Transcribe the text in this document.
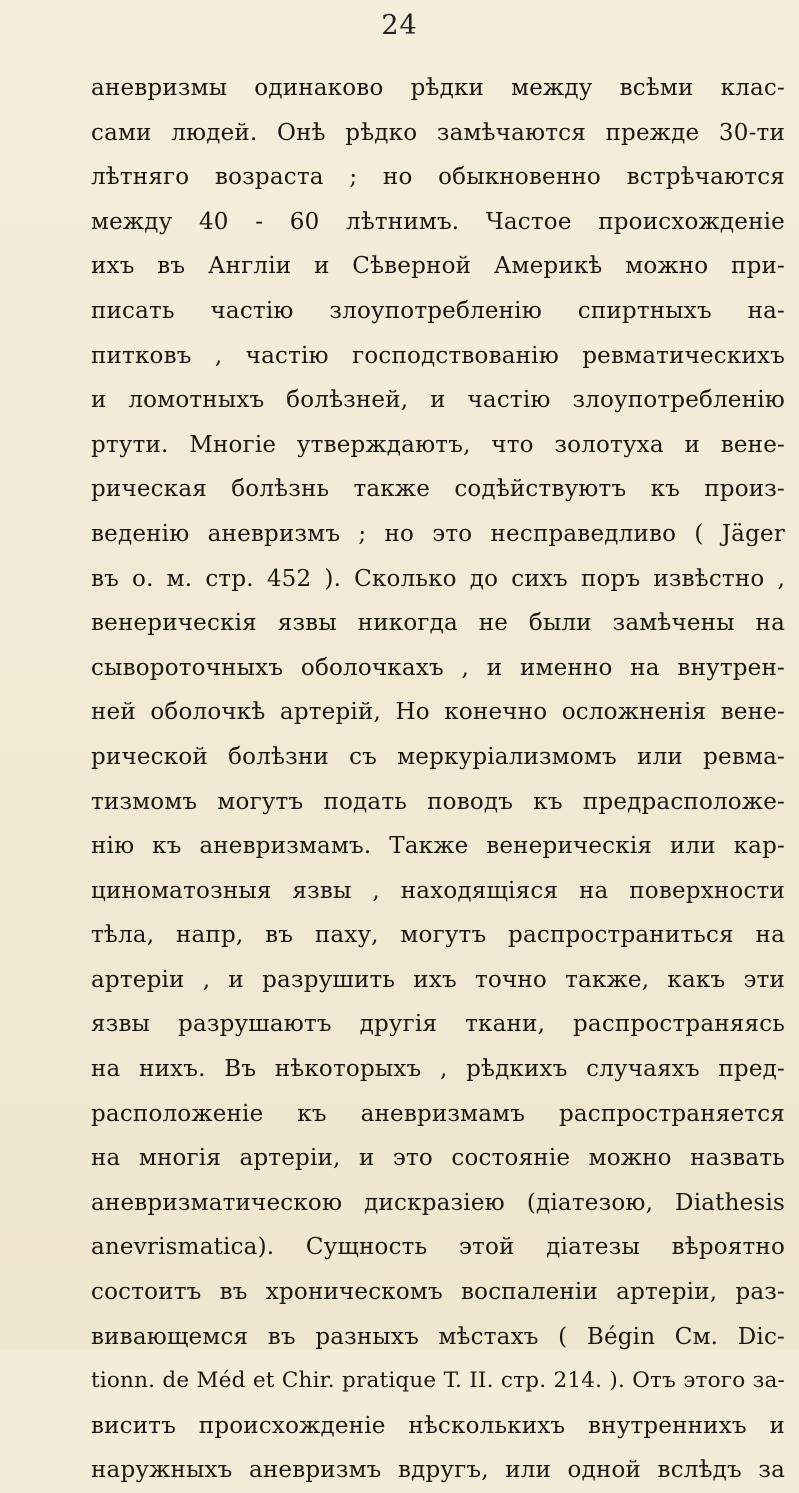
24
аневризмы одинаково рѣдки между всѣми клас-
сами людей. Онѣ рѣдко замѣчаются прежде 30-ти
лѣтняго возраста ; но обыкновенно встрѣчаются
между 40 - 60 лѣтнимъ. Частое происхожденіе
ихъ въ Англіи и Сѣверной Америкѣ можно при-
писать частію злоупотребленію спиртныхъ на-
питковъ , частію господствованію ревматическихъ
и ломотныхъ болѣзней, и частію злоупотребленію
ртути. Многіе утверждаютъ, что золотуха и вене-
рическая болѣзнь также содѣйствуютъ къ произ-
веденію аневризмъ ; но это несправедливо ( Jäger
въ о. м. стр. 452 ). Сколько до сихъ поръ извѣстно ,
венерическія язвы никогда не были замѣчены на
сывороточныхъ оболочкахъ , и именно на внутрен-
ней оболочкѣ артерій, Но конечно осложненія вене-
рической болѣзни съ меркуріализмомъ или ревма-
тизмомъ могутъ подать поводъ къ предрасположе-
нію къ аневризмамъ. Также венерическія или кар-
циноматозныя язвы , находящіяся на поверхности
тѣла, напр, въ паху, могутъ распространиться на
артеріи , и разрушить ихъ точно также, какъ эти
язвы разрушаютъ другія ткани, распространяясь
на нихъ. Въ нѣкоторыхъ , рѣдкихъ случаяхъ пред-
расположеніе къ аневризмамъ распространяется
на многія артеріи, и это состояніе можно назвать
аневризматическою дискразіею (діатезою, Diathesis
anevrismatica). Сущность этой діатезы вѣроятно
состоитъ въ хроническомъ воспаленіи артеріи, раз-
вивающемся въ разныхъ мѣстахъ ( Bégin См. Dic-
tionn. de Méd et Chir. pratique T. II. стр. 214. ). Отъ этого за-
виситъ происхожденіе нѣсколькихъ внутреннихъ и
наружныхъ аневризмъ вдругъ, или одной вслѣдъ за
